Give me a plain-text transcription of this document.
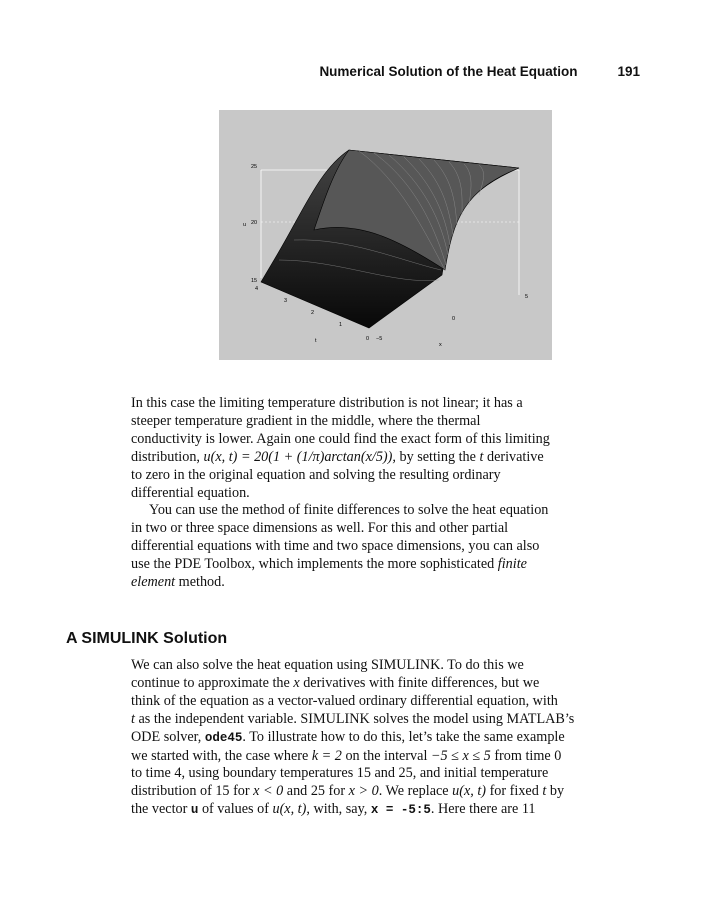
Numerical Solution of the Heat Equation	191
25
20
15
u
4
3
2
1
0
t	−5
0
5
x

In this case the limiting temperature distribution is not linear; it has a

steeper temperature gradient in the middle, where the thermal

conductivity is lower. Again one could find the exact form of this limiting

distribution, u(x, t) = 20(1 + (1/π)arctan(x/5)), by setting the t derivative

to zero in the original equation and solving the resulting ordinary

differential equation.

You can use the method of finite differences to solve the heat equation

in two or three space dimensions as well. For this and other partial

differential equations with time and two space dimensions, you can also

use the PDE Toolbox, which implements the more sophisticated finite

element method.

A SIMULINK Solution

We can also solve the heat equation using SIMULINK. To do this we

continue to approximate the x derivatives with finite differences, but we

think of the equation as a vector-valued ordinary differential equation, with

t as the independent variable. SIMULINK solves the model using MATLAB’s

ODE solver, ode45. To illustrate how to do this, let’s take the same example

we started with, the case where k = 2 on the interval −5 ≤ x ≤ 5 from time 0

to time 4, using boundary temperatures 15 and 25, and initial temperature

distribution of 15 for x < 0 and 25 for x > 0. We replace u(x, t) for fixed t by

the vector u of values of u(x, t), with, say, x = -5:5. Here there are 11
